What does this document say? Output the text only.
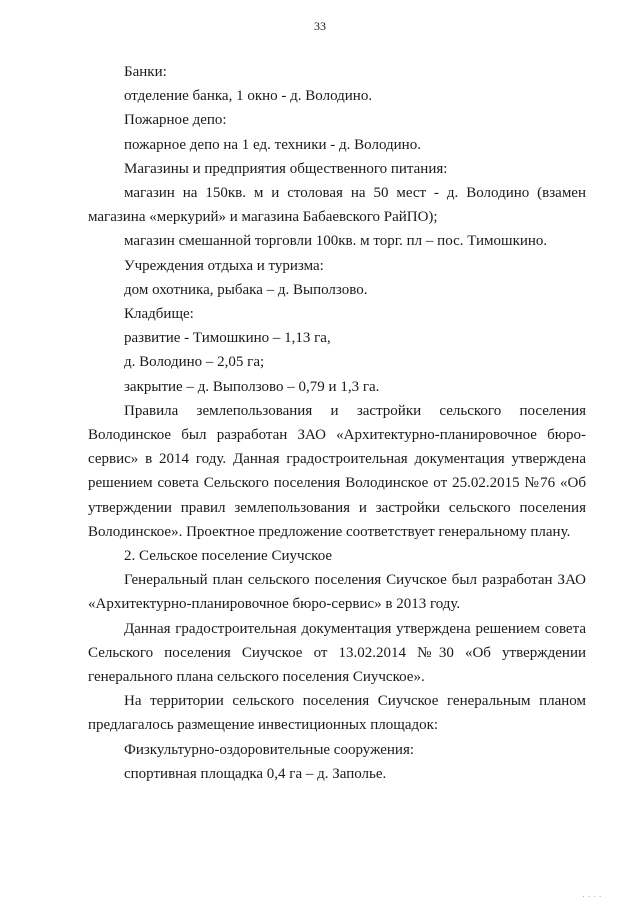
33

Банки:

отделение банка, 1 окно - д. Володино.

Пожарное депо:

пожарное депо на 1 ед. техники - д. Володино.

Магазины и предприятия общественного питания:

магазин на 150кв. м и столовая на 50 мест - д. Володино (взамен магазина «меркурий» и магазина Бабаевского РайПО);

магазин смешанной торговли 100кв. м торг. пл – пос. Тимошкино.

Учреждения отдыха и туризма:

дом охотника, рыбака – д. Выползово.

Кладбище:

развитие - Тимошкино – 1,13 га,

д. Володино – 2,05 га;

закрытие – д. Выползово – 0,79 и 1,3 га.

Правила землепользования и застройки сельского поселения Володинское был разработан ЗАО «Архитектурно-планировочное бюро-сервис» в 2014 году. Данная градостроительная документация утверждена решением совета Сельского поселения Володинское от 25.02.2015 №76 «Об утверждении правил землепользования и застройки сельского поселения Володинское». Проектное предложение соответствует генеральному плану.

2. Сельское поселение Сиучское

Генеральный план сельского поселения Сиучское был разработан ЗАО «Архитектурно-планировочное бюро-сервис» в 2013 году.

Данная градостроительная документация утверждена решением совета Сельского поселения Сиучское от 13.02.2014 №30 «Об утверждении генерального плана сельского поселения Сиучское».

На территории сельского поселения Сиучское генеральным планом предлагалось размещение инвестиционных площадок:

Физкультурно-оздоровительные сооружения:

спортивная площадка 0,4 га – д. Заполье.

. . . .
